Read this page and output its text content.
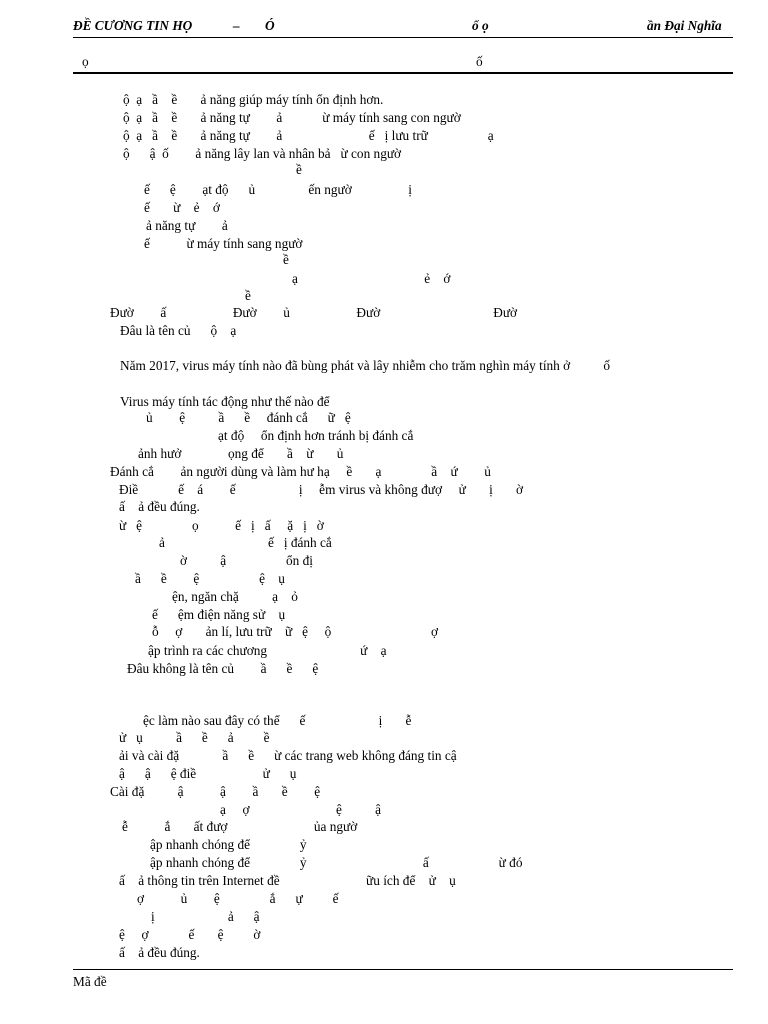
ĐỀ CƯƠNG TIN HỌ	– Ó	ổ ọ	ần Đại Nghĩa
ọ	ố
ộ  ạ   ầ    ề       ả năng giúp máy tính ổn định hơn.
ộ  ạ   ầ    ề       ả năng tự        ả            ừ máy tính sang con ngườ
ộ  ạ   ầ    ề       ả năng tự        ả                          ế   ị lưu trữ                  ạ
ộ      ậ  ố        ả năng lây lan và nhân bả   ừ con ngườ
ề
ế      ệ        ạt độ      ủ                ến ngườ                 ị
ế       ừ    ẻ    ớ
ả năng tự        ả
ế           ừ máy tính sang ngườ
ề
ạ                                      ẻ    ớ
ề
Đườ        ấ                    Đườ        ủ                    Đườ                                  Đườ
Đâu là tên củ      ộ    ạ
Năm 2017, virus máy tính nào đã bùng phát và lây nhiễm cho trăm nghìn máy tính ở          ố
Virus máy tính tác động như thế nào để
ủ        ệ          ầ      ề     đánh cắ      ữ   ệ
ạt độ     ổn định hơn tránh bị đánh cắ
ảnh hưở              ọng để       ầ    ừ       ủ
Đánh cắ        ản người dùng và làm hư hạ     ề       ạ               ầ    ứ        ủ
Điề            ế    á        ế                   ị     ễm virus và không đượ     ử       ị       ờ
ấ    ả đều đúng.
ừ   ệ               ọ           ế   ị   ấ     ặ   ị   ờ
ả                               ế   ị đánh cắ
ờ          ậ                  ổn đị
ầ      ề        ệ                  ệ    ụ
ện, ngăn chặ          ạ    ỏ
ế      ệm điện năng sử    ụ
ỗ     ợ       ản lí, lưu trữ    ữ   ệ     ộ                              ợ
ập trình ra các chương                            ứ    ạ
Đâu không là tên củ        ầ      ề      ệ
ệc làm nào sau đây có thể      ế                      ị       ễ
ử   ụ          ầ      ề      ả         ề
ải và cài đặ             ầ      ề      ừ các trang web không đáng tin cậ
ậ      ậ      ệ điề                    ử      ụ
Cài đặ          ậ           ậ        ầ       ề        ệ
ạ     ợ                          ệ          ậ
ễ           ắ       ất đượ                          ủa ngườ
ập nhanh chóng để               ỷ
ập nhanh chóng để               ỷ                                   ấ                     ừ đó
ấ    ả thông tin trên Internet đề                          ữu ích để    ử    ụ
ợ           ủ        ệ               ắ      ự         ế
ị                      ả      ậ
ệ     ợ            ế       ệ         ờ
ấ    ả đều đúng.
Mã đề
